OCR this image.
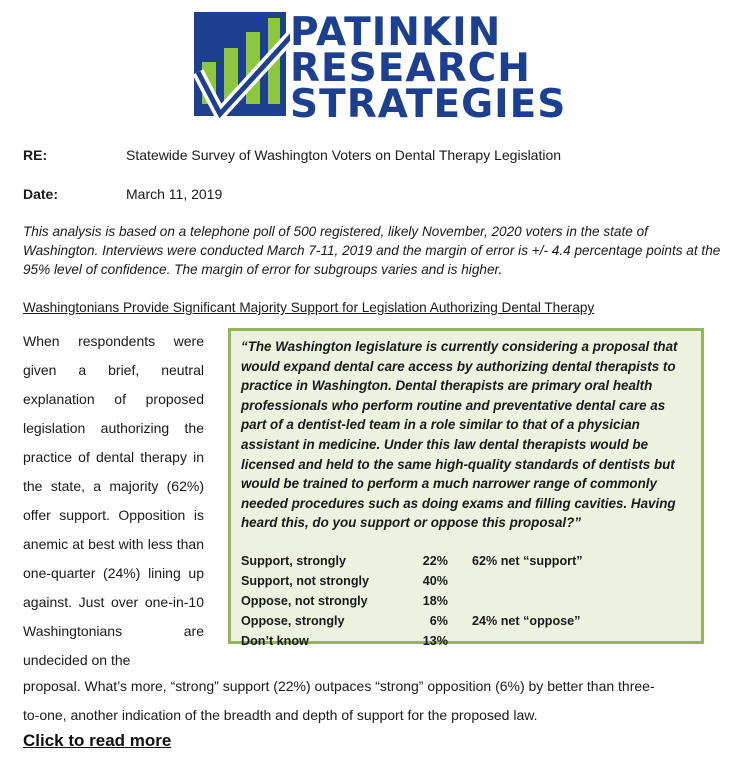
PATINKIN
RESEARCH
STRATEGIES
RE:	Statewide Survey of Washington Voters on Dental Therapy Legislation
Date:	March 11, 2019
This analysis is based on a telephone poll of 500 registered, likely November, 2020 voters in the state of Washington. Interviews were conducted March 7-11, 2019 and the margin of error is +/- 4.4 percentage points at the 95% level of confidence. The margin of error for subgroups varies and is higher.
Washingtonians Provide Significant Majority Support for Legislation Authorizing Dental Therapy

When respondents were given a brief, neutral explanation of proposed legislation authorizing the practice of dental therapy in the state, a majority (62%) offer support. Opposition is anemic at best with less than one-quarter (24%) lining up against. Just over one-in-10 Washingtonians are undecided on the

“The Washington legislature is currently considering a proposal that would expand dental care access by authorizing dental therapists to practice in Washington. Dental therapists are primary oral health professionals who perform routine and preventative dental care as part of a dentist-led team in a role similar to that of a physician assistant in medicine. Under this law dental therapists would be licensed and held to the same high-quality standards of dentists but would be trained to perform a much narrower range of commonly needed procedures such as doing exams and filling cavities. Having heard this, do you support or oppose this proposal?”

Support, strongly	22% 62% net “support”
Support, not strongly	40%
Oppose, not strongly	18%
Oppose, strongly	6% 24% net “oppose”
Don’t know	13%
proposal. What’s more, “strong” support (22%) outpaces “strong” opposition (6%) by better than three-
to-one, another indication of the breadth and depth of support for the proposed law.
Click to read more
